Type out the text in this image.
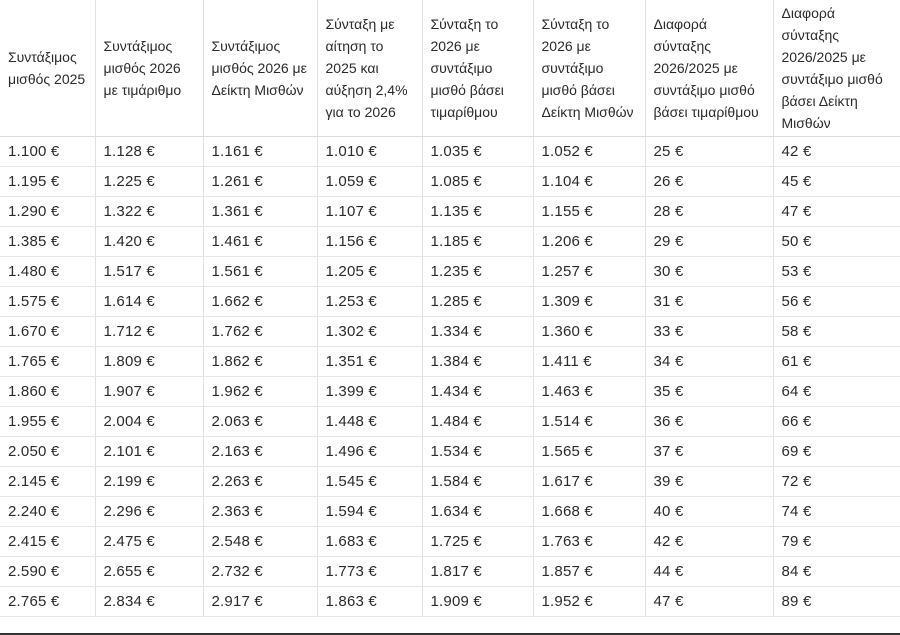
Συντάξιμος μισθός 2025	Συντάξιμος μισθός 2026 με τιμάριθμο	Συντάξιμος μισθός 2026 με Δείκτη Μισθών	Σύνταξη με αίτηση το 2025 και αύξηση 2,4% για το 2026	Σύνταξη το 2026 με συντάξιμο μισθό βάσει τιμαρίθμου	Σύνταξη το 2026 με συντάξιμο μισθό βάσει Δείκτη Μισθών	Διαφορά σύνταξης 2026/2025 με συντάξιμο μισθό βάσει τιμαρίθμου	Διαφορά σύνταξης 2026/2025 με συντάξιμο μισθό βάσει Δείκτη Μισθών
1.100 €	1.128 €	1.161 €	1.010 €	1.035 €	1.052 €	25 €	42 €
1.195 €	1.225 €	1.261 €	1.059 €	1.085 €	1.104 €	26 €	45 €
1.290 €	1.322 €	1.361 €	1.107 €	1.135 €	1.155 €	28 €	47 €
1.385 €	1.420 €	1.461 €	1.156 €	1.185 €	1.206 €	29 €	50 €
1.480 €	1.517 €	1.561 €	1.205 €	1.235 €	1.257 €	30 €	53 €
1.575 €	1.614 €	1.662 €	1.253 €	1.285 €	1.309 €	31 €	56 €
1.670 €	1.712 €	1.762 €	1.302 €	1.334 €	1.360 €	33 €	58 €
1.765 €	1.809 €	1.862 €	1.351 €	1.384 €	1.411 €	34 €	61 €
1.860 €	1.907 €	1.962 €	1.399 €	1.434 €	1.463 €	35 €	64 €
1.955 €	2.004 €	2.063 €	1.448 €	1.484 €	1.514 €	36 €	66 €
2.050 €	2.101 €	2.163 €	1.496 €	1.534 €	1.565 €	37 €	69 €
2.145 €	2.199 €	2.263 €	1.545 €	1.584 €	1.617 €	39 €	72 €
2.240 €	2.296 €	2.363 €	1.594 €	1.634 €	1.668 €	40 €	74 €
2.415 €	2.475 €	2.548 €	1.683 €	1.725 €	1.763 €	42 €	79 €
2.590 €	2.655 €	2.732 €	1.773 €	1.817 €	1.857 €	44 €	84 €
2.765 €	2.834 €	2.917 €	1.863 €	1.909 €	1.952 €	47 €	89 €
